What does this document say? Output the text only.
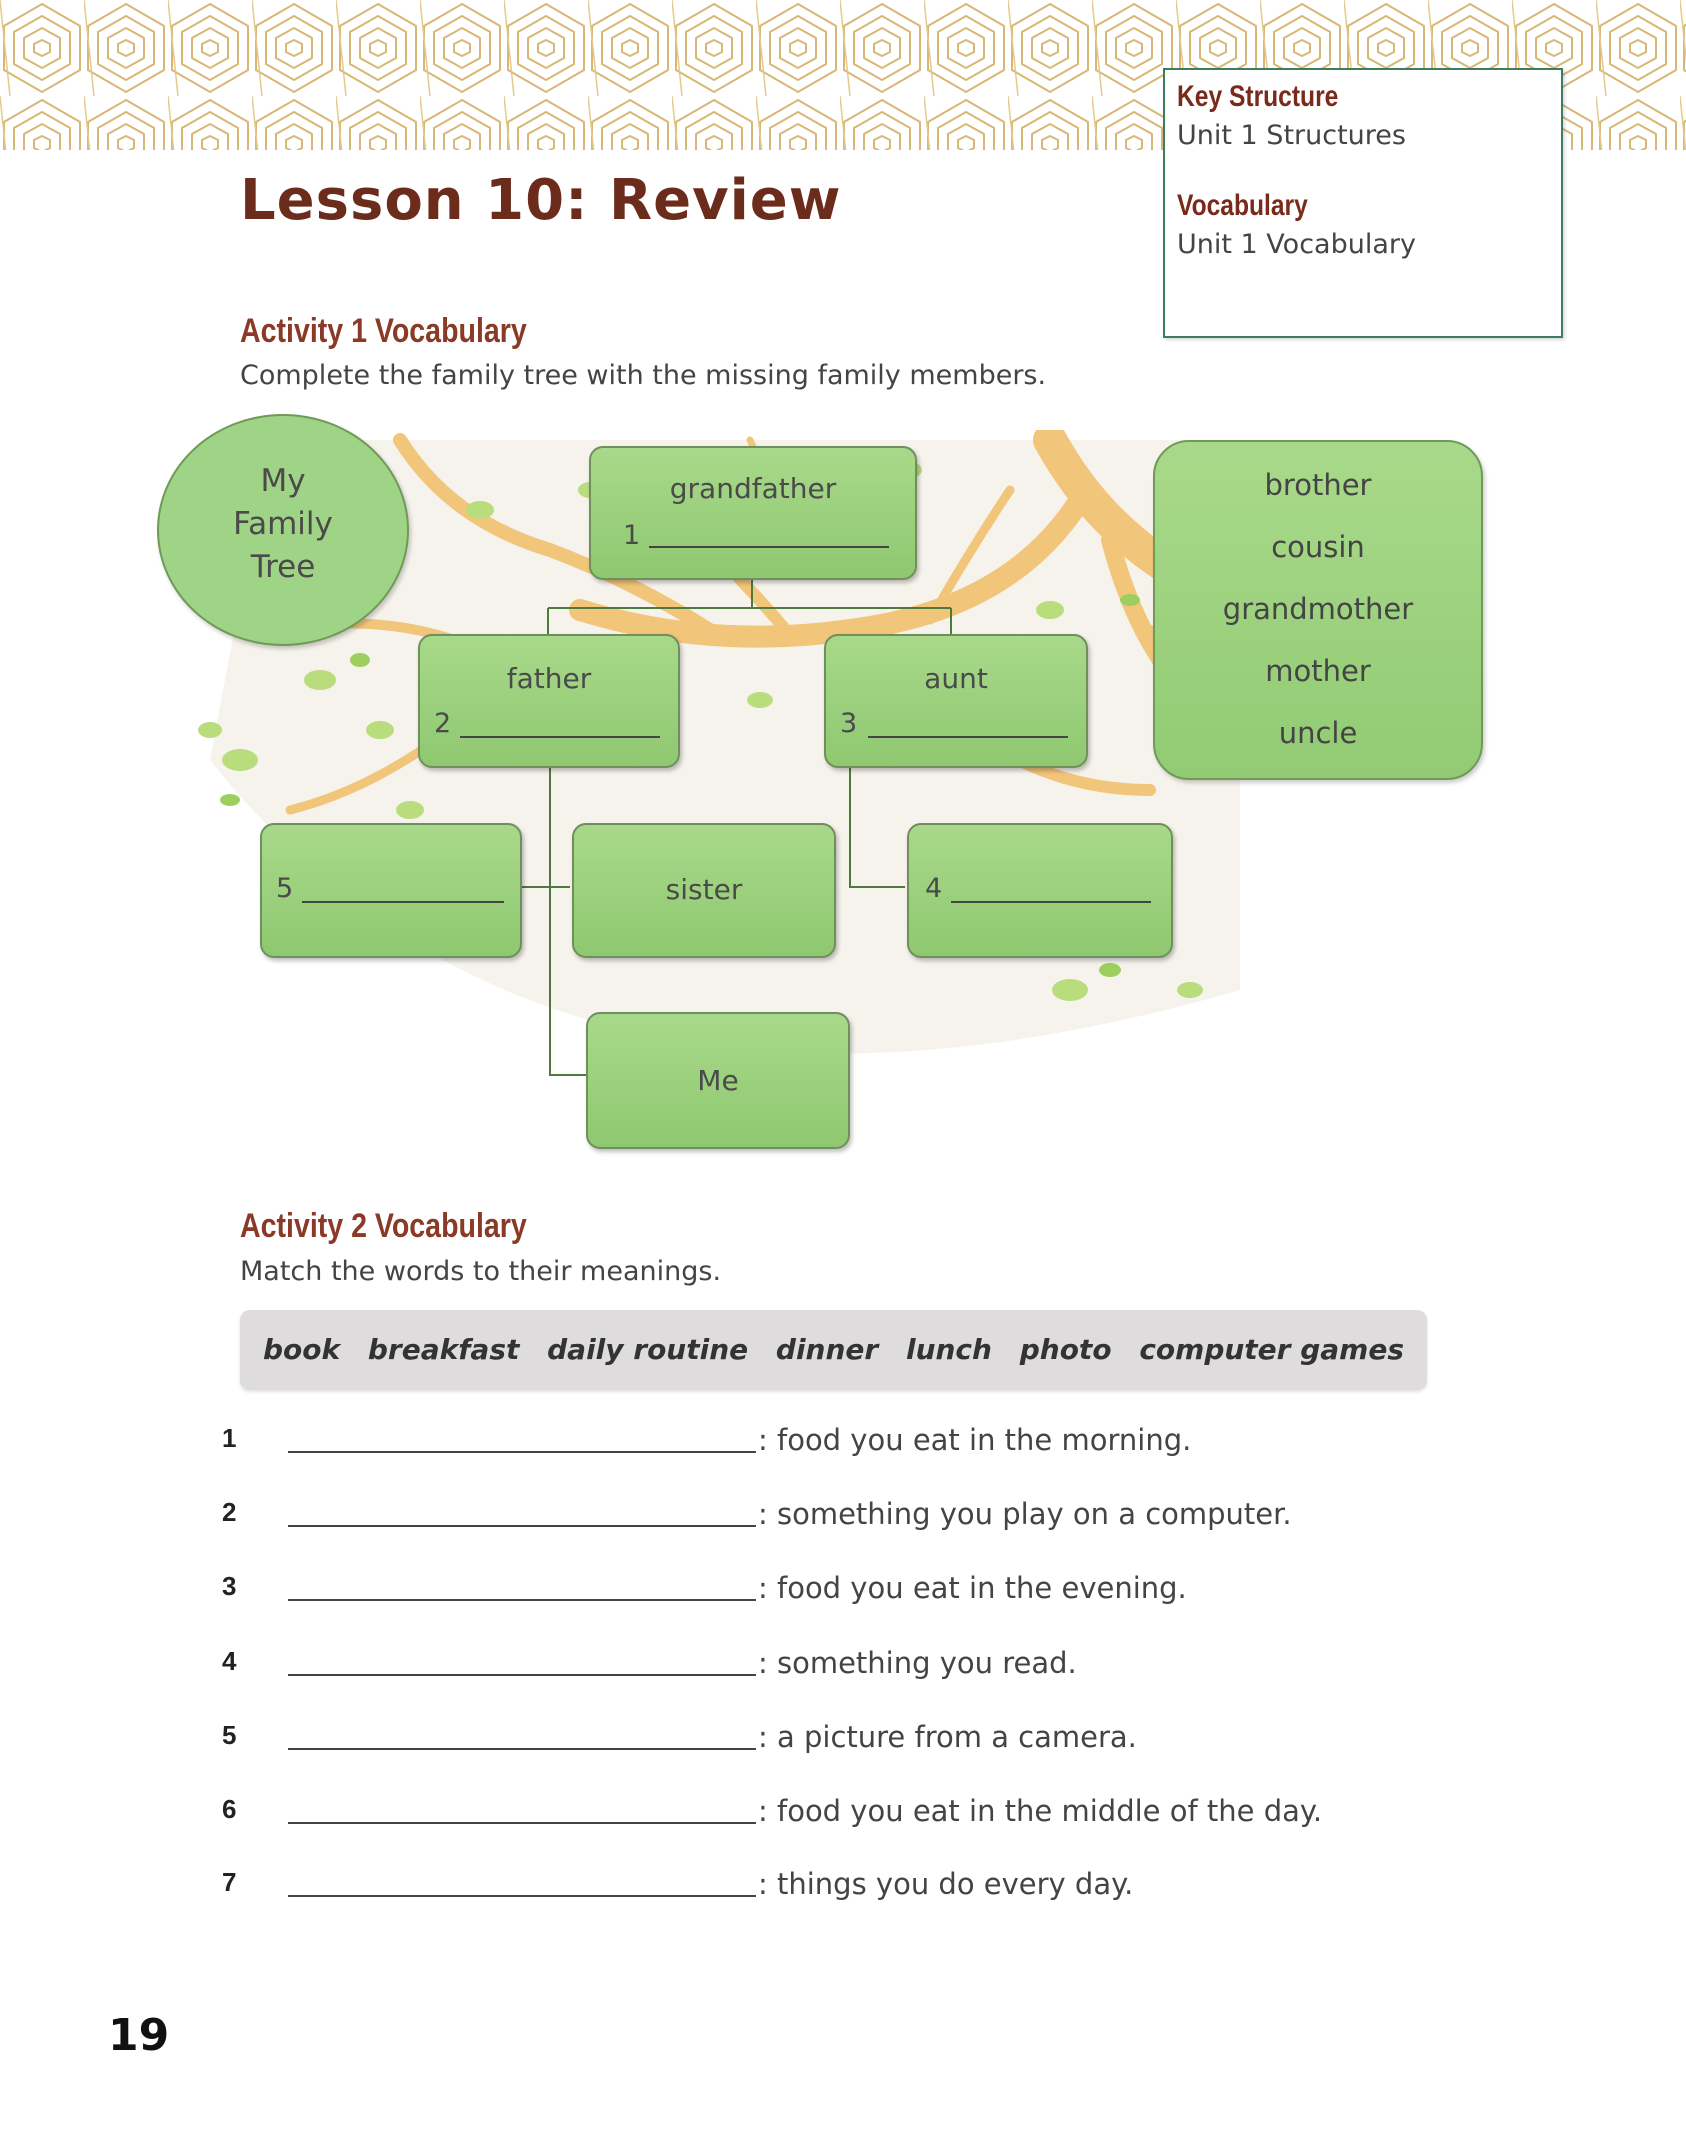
Key Structure
Unit 1 Structures
Vocabulary
Unit 1 Vocabulary
Lesson 10: Review
Activity 1 Vocabulary
Complete the family tree with the missing family members.
My
Family
Tree
grandfather
1
father
2
aunt
3
5	sister	4
Me
brother
cousin
grandmother
mother
uncle
Activity 2 Vocabulary
Match the words to their meanings.
book breakfast daily routine dinner lunch photo computer games
1	: food you eat in the morning.
2	: something you play on a computer.
3	: food you eat in the evening.
4	: something you read.
5	: a picture from a camera.
6	: food you eat in the middle of the day.
7	: things you do every day.
19
